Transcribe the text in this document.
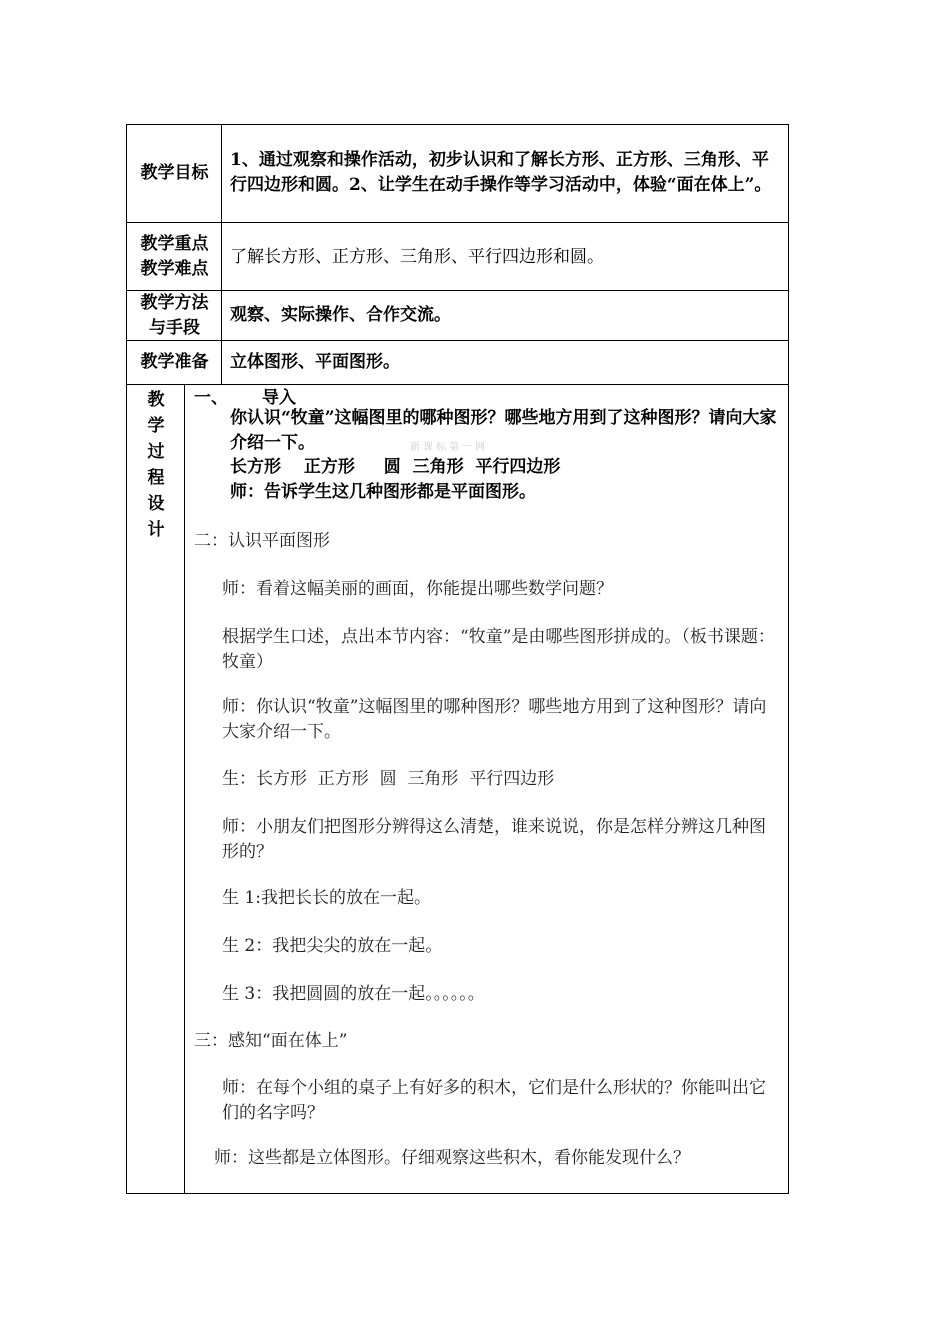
教学目标
1、通过观察和操作活动，初步认识和了解长方形、正方形、三角形、平行四边形和圆。2、让学生在动手操作等学习活动中，体验“面在体上”。
教学重点
教学难点
了解长方形、正方形、三角形、平行四边形和圆。
教学方法
与手段
观察、实际操作、合作交流。
教学准备	立体图形、平面图形。
教
学
过
程
设
计
一、 导入
你认识“牧童”这幅图里的哪种图形？哪些地方用到了这种图形？请向大家介绍一下。	新课标第一网
长方形　 正方形　  圆  三角形  平行四边形
师：告诉学生这几种图形都是平面图形。
二：认识平面图形
师：看着这幅美丽的画面，你能提出哪些数学问题？
根据学生口述，点出本节内容：“牧童”是由哪些图形拼成的。（板书课题：牧童）
师：你认识“牧童”这幅图里的哪种图形？哪些地方用到了这种图形？请向大家介绍一下。
生：长方形  正方形  圆  三角形  平行四边形
师：小朋友们把图形分辨得这么清楚，谁来说说，你是怎样分辨这几种图形的？
生 1:我把长长的放在一起。
生 2：我把尖尖的放在一起。
生 3：我把圆圆的放在一起。。。。。。
三：感知“面在体上”
师：在每个小组的桌子上有好多的积木，它们是什么形状的？你能叫出它们的名字吗？
师：这些都是立体图形。仔细观察这些积木，看你能发现什么？
